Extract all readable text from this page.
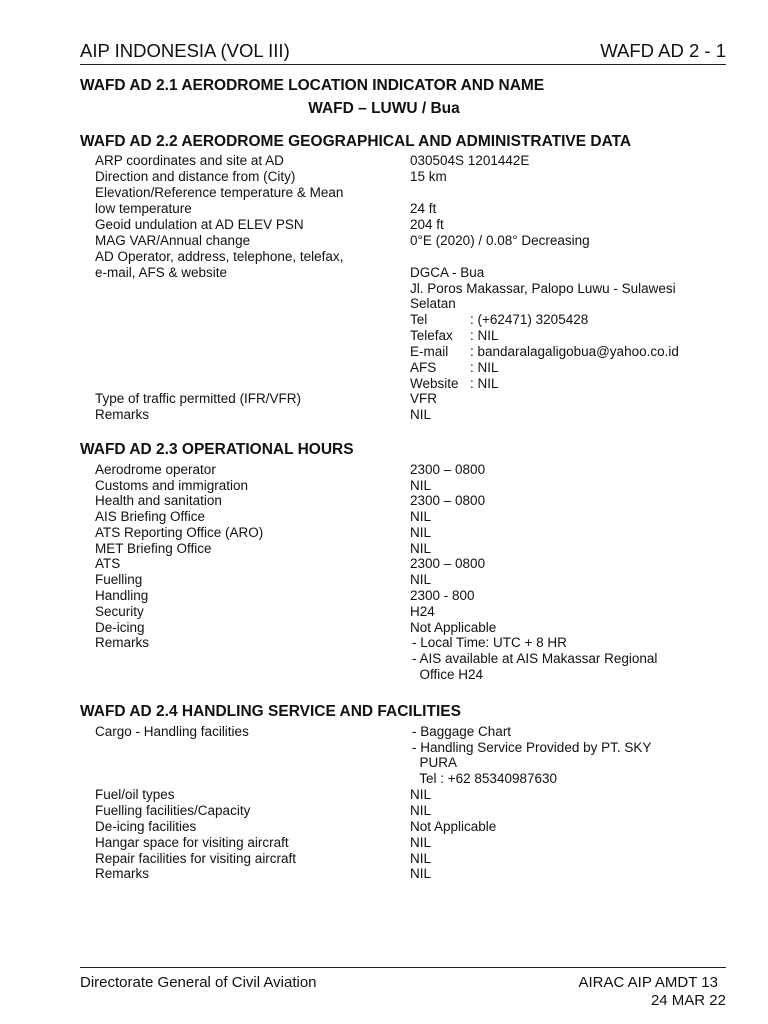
AIP INDONESIA (VOL III)	WAFD AD 2 - 1
WAFD AD 2.1 AERODROME LOCATION INDICATOR AND NAME
WAFD – LUWU / Bua
WAFD AD 2.2 AERODROME GEOGRAPHICAL AND ADMINISTRATIVE DATA
ARP coordinates and site at AD	030504S 1201442E
Direction and distance from (City)	15 km
Elevation/Reference temperature & Mean
low temperature	24 ft
Geoid undulation at AD ELEV PSN	204 ft
MAG VAR/Annual change	0°E (2020) / 0.08° Decreasing
AD Operator, address, telephone, telefax,
e-mail, AFS & website	DGCA - Bua
Jl. Poros Makassar, Palopo Luwu - Sulawesi
Selatan
Tel	: (+62471) 3205428
Telefax : NIL
E-mail : bandaralagaligobua@yahoo.co.id
AFS : NIL
Website : NIL
Type of traffic permitted (IFR/VFR)	VFR
Remarks	NIL
WAFD AD 2.3 OPERATIONAL HOURS
Aerodrome operator	2300 – 0800
Customs and immigration	NIL
Health and sanitation	2300 – 0800
AIS Briefing Office	NIL
ATS Reporting Office (ARO)	NIL
MET Briefing Office	NIL
ATS	2300 – 0800
Fuelling	NIL
Handling	2300 - 800
Security	H24
De-icing	Not Applicable
Remarks	- Local Time: UTC + 8 HR
- AIS available at AIS Makassar Regional
Office H24
WAFD AD 2.4 HANDLING SERVICE AND FACILITIES
Cargo - Handling facilities	- Baggage Chart
- Handling Service Provided by PT. SKY
PURA
Tel : +62 85340987630
Fuel/oil types	NIL
Fuelling facilities/Capacity	NIL
De-icing facilities	Not Applicable
Hangar space for visiting aircraft	NIL
Repair facilities for visiting aircraft	NIL
Remarks	NIL
Directorate General of Civil Aviation	AIRAC AIP AMDT 13
24 MAR 22
